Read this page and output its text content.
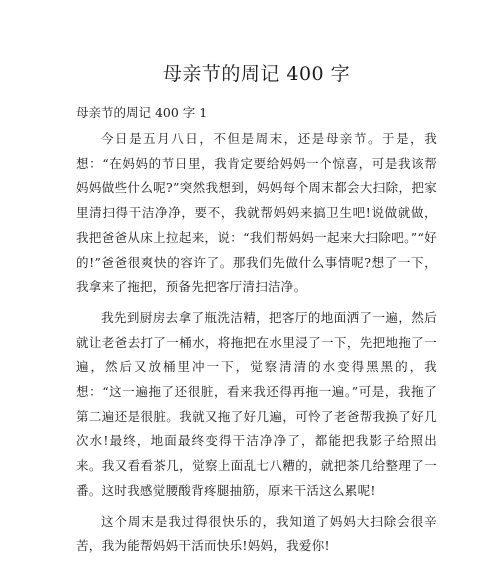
母亲节的周记 400 字
母亲节的周记 400 字 1

今日是五月八日，不但是周末，还是母亲节。于是，我想：“在妈妈的节日里，我肯定要给妈妈一个惊喜，可是我该帮妈妈做些什么呢?”突然我想到，妈妈每个周末都会大扫除，把家里清扫得干洁净净，要不，我就帮妈妈来搞卫生吧!说做就做，我把爸爸从床上拉起来，说：“我们帮妈妈一起来大扫除吧。”“好的!”爸爸很爽快的容许了。那我们先做什么事情呢?想了一下，我拿来了拖把，预备先把客厅清扫洁净。

我先到厨房去拿了瓶洗洁精，把客厅的地面洒了一遍，然后就让老爸去打了一桶水，将拖把在水里浸了一下，先把地拖了一遍，然后又放桶里冲一下，觉察清清的水变得黑黑的，我想：“这一遍拖了还很脏，看来我还得再拖一遍。”可是，我拖了第二遍还是很脏。我就又拖了好几遍，可怜了老爸帮我换了好几次水!最终，地面最终变得干洁净净了，都能把我影子给照出来。我又看看茶几，觉察上面乱七八糟的，就把茶几给整理了一番。这时我感觉腰酸背疼腿抽筋，原来干活这么累呢!

这个周末是我过得很快乐的，我知道了妈妈大扫除会很辛苦，我为能帮妈妈干活而快乐!妈妈，我爱你!
